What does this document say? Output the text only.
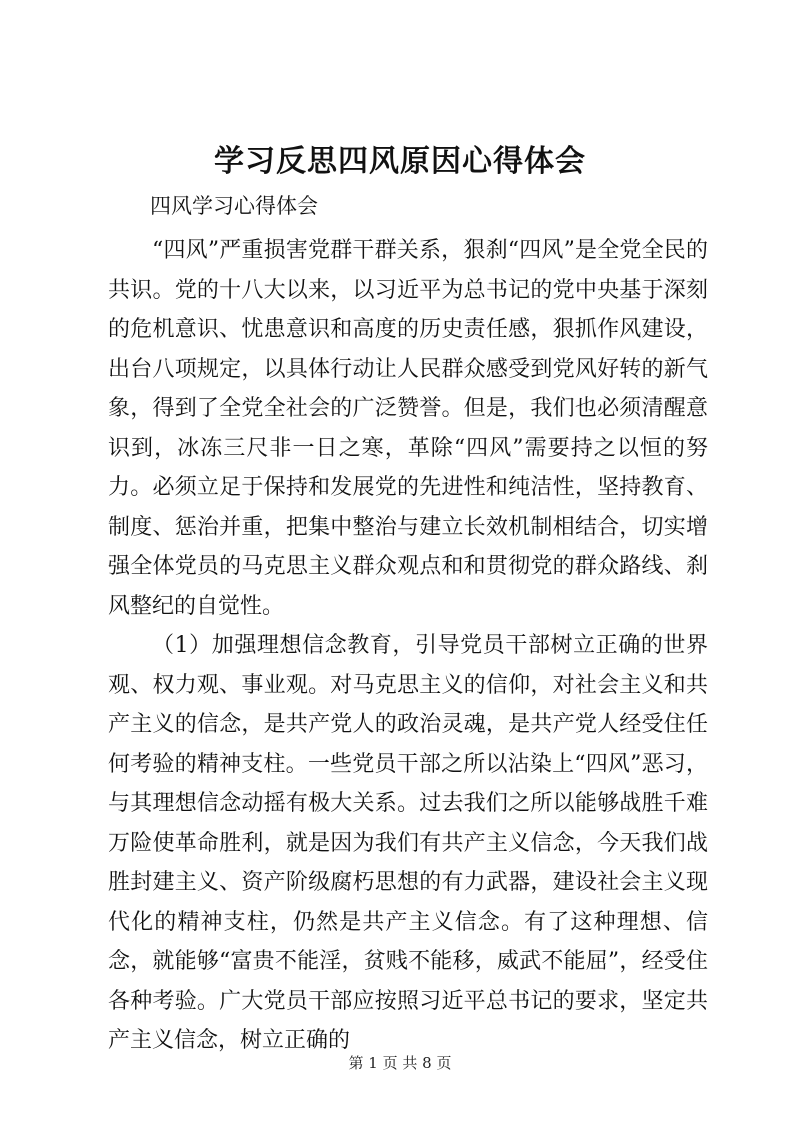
学习反思四风原因心得体会
四风学习心得体会

“四风”严重损害党群干群关系，狠刹“四风”是全党全民的共识。党的十八大以来，以习近平为总书记的党中央基于深刻的危机意识、忧患意识和高度的历史责任感，狠抓作风建设，出台八项规定，以具体行动让人民群众感受到党风好转的新气象，得到了全党全社会的广泛赞誉。但是，我们也必须清醒意识到，冰冻三尺非一日之寒，革除“四风”需要持之以恒的努力。必须立足于保持和发展党的先进性和纯洁性，坚持教育、制度、惩治并重，把集中整治与建立长效机制相结合，切实增强全体党员的马克思主义群众观点和和贯彻党的群众路线、刹风整纪的自觉性。

（1）加强理想信念教育，引导党员干部树立正确的世界观、权力观、事业观。对马克思主义的信仰，对社会主义和共产主义的信念，是共产党人的政治灵魂，是共产党人经受住任何考验的精神支柱。一些党员干部之所以沾染上“四风”恶习，与其理想信念动摇有极大关系。过去我们之所以能够战胜千难万险使革命胜利，就是因为我们有共产主义信念，今天我们战胜封建主义、资产阶级腐朽思想的有力武器，建设社会主义现代化的精神支柱，仍然是共产主义信念。有了这种理想、信念，就能够“富贵不能淫，贫贱不能移，威武不能屈”，经受住各种考验。广大党员干部应按照习近平总书记的要求，坚定共产主义信念，树立正确的

第 1 页 共 8 页
